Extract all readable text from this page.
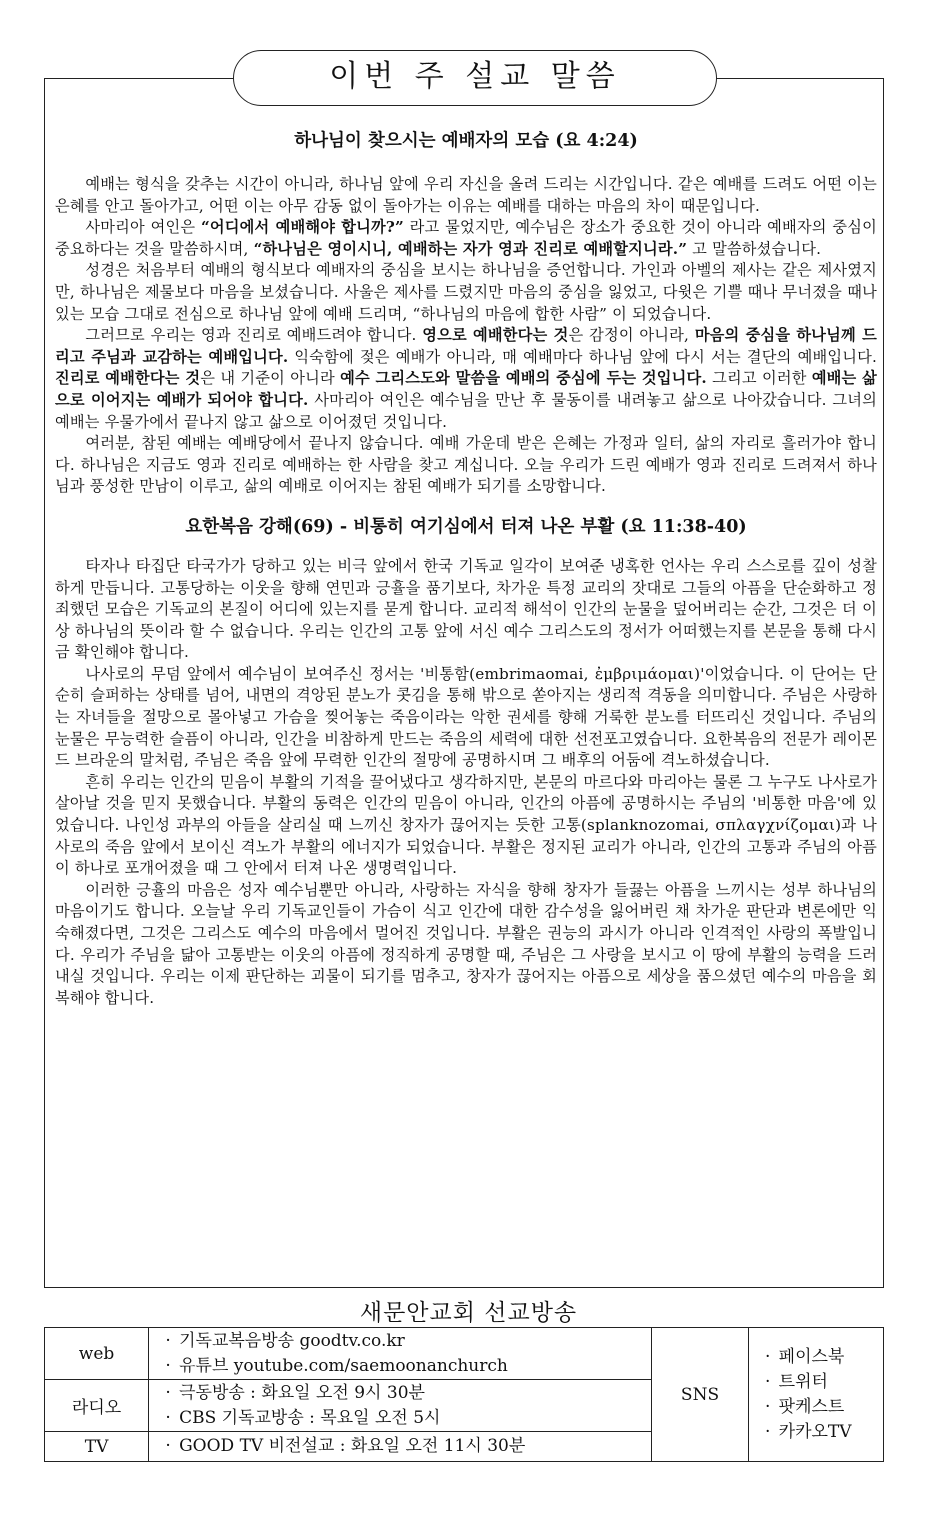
이번 주 설교 말씀
하나님이 찾으시는 예배자의 모습 (요 4:24)

예배는 형식을 갖추는 시간이 아니라, 하나님 앞에 우리 자신을 올려 드리는 시간입니다. 같은 예배를 드려도 어떤 이는 은혜를 안고 돌아가고, 어떤 이는 아무 감동 없이 돌아가는 이유는 예배를 대하는 마음의 차이 때문입니다.

사마리아 여인은 “어디에서 예배해야 합니까?” 라고 물었지만, 예수님은 장소가 중요한 것이 아니라 예배자의 중심이 중요하다는 것을 말씀하시며, “하나님은 영이시니, 예배하는 자가 영과 진리로 예배할지니라.” 고 말씀하셨습니다.

성경은 처음부터 예배의 형식보다 예배자의 중심을 보시는 하나님을 증언합니다. 가인과 아벨의 제사는 같은 제사였지만, 하나님은 제물보다 마음을 보셨습니다. 사울은 제사를 드렸지만 마음의 중심을 잃었고, 다윗은 기쁠 때나 무너졌을 때나 있는 모습 그대로 전심으로 하나님 앞에 예배 드리며, “하나님의 마음에 합한 사람” 이 되었습니다.

그러므로 우리는 영과 진리로 예배드려야 합니다. 영으로 예배한다는 것은 감정이 아니라, 마음의 중심을 하나님께 드리고 주님과 교감하는 예배입니다. 익숙함에 젖은 예배가 아니라, 매 예배마다 하나님 앞에 다시 서는 결단의 예배입니다. 진리로 예배한다는 것은 내 기준이 아니라 예수 그리스도와 말씀을 예배의 중심에 두는 것입니다. 그리고 이러한 예배는 삶으로 이어지는 예배가 되어야 합니다. 사마리아 여인은 예수님을 만난 후 물동이를 내려놓고 삶으로 나아갔습니다. 그녀의 예배는 우물가에서 끝나지 않고 삶으로 이어졌던 것입니다.

여러분, 참된 예배는 예배당에서 끝나지 않습니다. 예배 가운데 받은 은혜는 가정과 일터, 삶의 자리로 흘러가야 합니다. 하나님은 지금도 영과 진리로 예배하는 한 사람을 찾고 계십니다. 오늘 우리가 드린 예배가 영과 진리로 드려져서 하나님과 풍성한 만남이 이루고, 삶의 예배로 이어지는 참된 예배가 되기를 소망합니다.

요한복음 강해(69) - 비통히 여기심에서 터져 나온 부활 (요 11:38-40)

타자나 타집단 타국가가 당하고 있는 비극 앞에서 한국 기독교 일각이 보여준 냉혹한 언사는 우리 스스로를 깊이 성찰하게 만듭니다. 고통당하는 이웃을 향해 연민과 긍휼을 품기보다, 차가운 특정 교리의 잣대로 그들의 아픔을 단순화하고 정죄했던 모습은 기독교의 본질이 어디에 있는지를 묻게 합니다. 교리적 해석이 인간의 눈물을 덮어버리는 순간, 그것은 더 이상 하나님의 뜻이라 할 수 없습니다. 우리는 인간의 고통 앞에 서신 예수 그리스도의 정서가 어떠했는지를 본문을 통해 다시금 확인해야 합니다.

나사로의 무덤 앞에서 예수님이 보여주신 정서는 '비통함(embrimaomai, ἐμβριμάομαι)'이었습니다. 이 단어는 단순히 슬퍼하는 상태를 넘어, 내면의 격앙된 분노가 콧김을 통해 밖으로 쏟아지는 생리적 격동을 의미합니다. 주님은 사랑하는 자녀들을 절망으로 몰아넣고 가슴을 찢어놓는 죽음이라는 악한 권세를 향해 거룩한 분노를 터뜨리신 것입니다. 주님의 눈물은 무능력한 슬픔이 아니라, 인간을 비참하게 만드는 죽음의 세력에 대한 선전포고였습니다. 요한복음의 전문가 레이몬드 브라운의 말처럼, 주님은 죽음 앞에 무력한 인간의 절망에 공명하시며 그 배후의 어둠에 격노하셨습니다.

흔히 우리는 인간의 믿음이 부활의 기적을 끌어냈다고 생각하지만, 본문의 마르다와 마리아는 물론 그 누구도 나사로가 살아날 것을 믿지 못했습니다. 부활의 동력은 인간의 믿음이 아니라, 인간의 아픔에 공명하시는 주님의 '비통한 마음'에 있었습니다. 나인성 과부의 아들을 살리실 때 느끼신 창자가 끊어지는 듯한 고통(splanknozomai, σπλαγχνίζομαι)과 나사로의 죽음 앞에서 보이신 격노가 부활의 에너지가 되었습니다. 부활은 정지된 교리가 아니라, 인간의 고통과 주님의 아픔이 하나로 포개어졌을 때 그 안에서 터져 나온 생명력입니다.

이러한 긍휼의 마음은 성자 예수님뿐만 아니라, 사랑하는 자식을 향해 창자가 들끓는 아픔을 느끼시는 성부 하나님의 마음이기도 합니다. 오늘날 우리 기독교인들이 가슴이 식고 인간에 대한 감수성을 잃어버린 채 차가운 판단과 변론에만 익숙해졌다면, 그것은 그리스도 예수의 마음에서 멀어진 것입니다. 부활은 권능의 과시가 아니라 인격적인 사랑의 폭발입니다. 우리가 주님을 닮아 고통받는 이웃의 아픔에 정직하게 공명할 때, 주님은 그 사랑을 보시고 이 땅에 부활의 능력을 드러내실 것입니다. 우리는 이제 판단하는 괴물이 되기를 멈추고, 창자가 끊어지는 아픔으로 세상을 품으셨던 예수의 마음을 회복해야 합니다.

새문안교회 선교방송
web	· 기독교복음방송 goodtv.co.kr
· 유튜브 youtube.com/saemoonanchurch	SNS	· 페이스북
· 트위터
· 팟케스트
· 카카오TV

라디오	· 극동방송 : 화요일 오전 9시 30분
· CBS 기독교방송 : 목요일 오전 5시		

TV	· GOOD TV 비전설교 : 화요일 오전 11시 30분		
